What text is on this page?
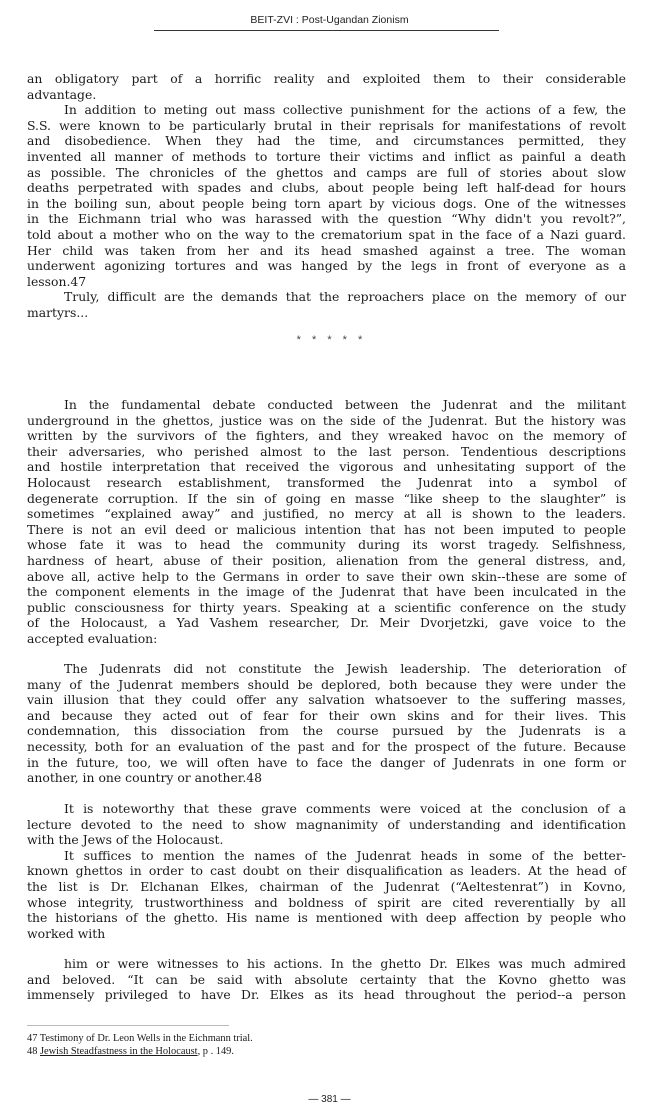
BEIT-ZVI : Post-Ugandan Zionism
an obligatory part of a horrific reality and exploited them to their considerable
advantage.
In addition to meting out mass collective punishment for the actions of a few, the
S.S. were known to be particularly brutal in their reprisals for manifestations of revolt
and disobedience. When they had the time, and circumstances permitted, they
invented all manner of methods to torture their victims and inflict as painful a death
as possible. The chronicles of the ghettos and camps are full of stories about slow
deaths perpetrated with spades and clubs, about people being left half-dead for hours
in the boiling sun, about people being torn apart by vicious dogs. One of the witnesses
in the Eichmann trial who was harassed with the question “Why didn't you revolt?”,
told about a mother who on the way to the crematorium spat in the face of a Nazi guard.
Her child was taken from her and its head smashed against a tree. The woman
underwent agonizing tortures and was hanged by the legs in front of everyone as a
lesson.47
Truly, difficult are the demands that the reproachers place on the memory of our
martyrs...
* * * * *
In the fundamental debate conducted between the Judenrat and the militant
underground in the ghettos, justice was on the side of the Judenrat. But the history was
written by the survivors of the fighters, and they wreaked havoc on the memory of
their adversaries, who perished almost to the last person. Tendentious descriptions
and hostile interpretation that received the vigorous and unhesitating support of the
Holocaust research establishment, transformed the Judenrat into a symbol of
degenerate corruption. If the sin of going en masse “like sheep to the slaughter” is
sometimes “explained away” and justified, no mercy at all is shown to the leaders.
There is not an evil deed or malicious intention that has not been imputed to people
whose fate it was to head the community during its worst tragedy. Selfishness,
hardness of heart, abuse of their position, alienation from the general distress, and,
above all, active help to the Germans in order to save their own skin--these are some of
the component elements in the image of the Judenrat that have been inculcated in the
public consciousness for thirty years. Speaking at a scientific conference on the study
of the Holocaust, a Yad Vashem researcher, Dr. Meir Dvorjetzki, gave voice to the
accepted evaluation:
The Judenrats did not constitute the Jewish leadership. The deterioration of
many of the Judenrat members should be deplored, both because they were under the
vain illusion that they could offer any salvation whatsoever to the suffering masses,
and because they acted out of fear for their own skins and for their lives. This
condemnation, this dissociation from the course pursued by the Judenrats is a
necessity, both for an evaluation of the past and for the prospect of the future. Because
in the future, too, we will often have to face the danger of Judenrats in one form or
another, in one country or another.48
It is noteworthy that these grave comments were voiced at the conclusion of a
lecture devoted to the need to show magnanimity of understanding and identification
with the Jews of the Holocaust.
It suffices to mention the names of the Judenrat heads in some of the better-
known ghettos in order to cast doubt on their disqualification as leaders. At the head of
the list is Dr. Elchanan Elkes, chairman of the Judenrat (“Aeltestenrat”) in Kovno,
whose integrity, trustworthiness and boldness of spirit are cited reverentially by all
the historians of the ghetto. His name is mentioned with deep affection by people who
worked with
him or were witnesses to his actions. In the ghetto Dr. Elkes was much admired
and beloved. “It can be said with absolute certainty that the Kovno ghetto was
immensely privileged to have Dr. Elkes as its head throughout the period--a person
47 Testimony of Dr. Leon Wells in the Eichmann trial.
48 Jewish Steadfastness in the Holocaust, p . 149.
— 381 —
